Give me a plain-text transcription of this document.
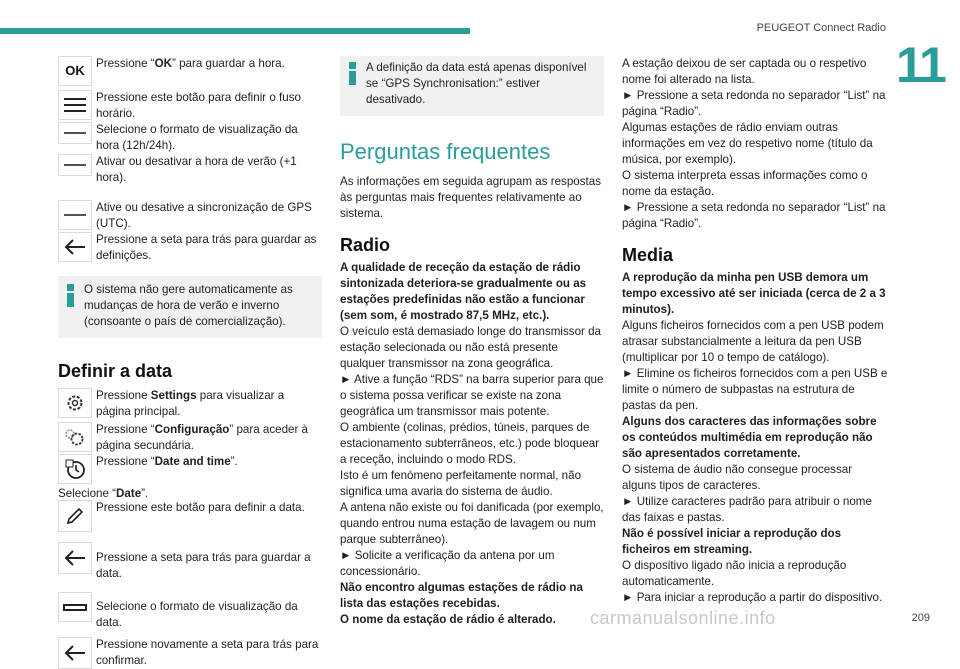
PEUGEOT Connect Radio
11
209
carmanualsonline.info
OK Pressione “OK” para guardar a hora.
Pressione este botão para definir o fuso horário.
Selecione o formato de visualização da hora (12h/24h).
Ativar ou desativar a hora de verão (+1 hora).
Ative ou desative a sincronização de GPS (UTC).
Pressione a seta para trás para guardar as definições.
O sistema não gere automaticamente as mudanças de hora de verão e inverno (consoante o país de comercialização).
Definir a data
Pressione Settings para visualizar a página principal.
Pressione “Configuração” para aceder à página secundária.
Pressione “Date and time”.
Selecione “Date”.
Pressione este botão para definir a data.
Pressione a seta para trás para guardar a data.
Selecione o formato de visualização da data.
Pressione novamente a seta para trás para confirmar.
A definição da data está apenas disponível se “GPS Synchronisation:” estiver desativado.
Perguntas frequentes

As informações em seguida agrupam as respostas às perguntas mais frequentes relativamente ao sistema.

Radio

A qualidade de receção da estação de rádio sintonizada deteriora-se gradualmente ou as estações predefinidas não estão a funcionar (sem som, é mostrado 87,5 MHz, etc.).

O veículo está demasiado longe do transmissor da estação selecionada ou não está presente qualquer transmissor na zona geográfica.

► Ative a função “RDS” na barra superior para que o sistema possa verificar se existe na zona geográfica um transmissor mais potente.

O ambiente (colinas, prédios, túneis, parques de estacionamento subterrâneos, etc.) pode bloquear a receção, incluindo o modo RDS.

Isto é um fenómeno perfeitamente normal, não significa uma avaria do sistema de áudio.

A antena não existe ou foi danificada (por exemplo, quando entrou numa estação de lavagem ou num parque subterrâneo).

► Solicite a verificação da antena por um concessionário.

Não encontro algumas estações de rádio na lista das estações recebidas.

O nome da estação de rádio é alterado.

A estação deixou de ser captada ou o respetivo nome foi alterado na lista.

► Pressione a seta redonda no separador “List” na página “Radio”.

Algumas estações de rádio enviam outras informações em vez do respetivo nome (título da música, por exemplo).

O sistema interpreta essas informações como o nome da estação.

► Pressione a seta redonda no separador “List” na página “Radio”.

Media

A reprodução da minha pen USB demora um tempo excessivo até ser iniciada (cerca de 2 a 3 minutos).

Alguns ficheiros fornecidos com a pen USB podem atrasar substancialmente a leitura da pen USB (multiplicar por 10 o tempo de catálogo).

► Elimine os ficheiros fornecidos com a pen USB e limite o número de subpastas na estrutura de pastas da pen.

Alguns dos caracteres das informações sobre os conteúdos multimédia em reprodução não são apresentados corretamente.

O sistema de áudio não consegue processar alguns tipos de caracteres.

► Utilize caracteres padrão para atribuir o nome das faixas e pastas.

Não é possível iniciar a reprodução dos ficheiros em streaming.

O dispositivo ligado não inicia a reprodução automaticamente.

► Para iniciar a reprodução a partir do dispositivo.
